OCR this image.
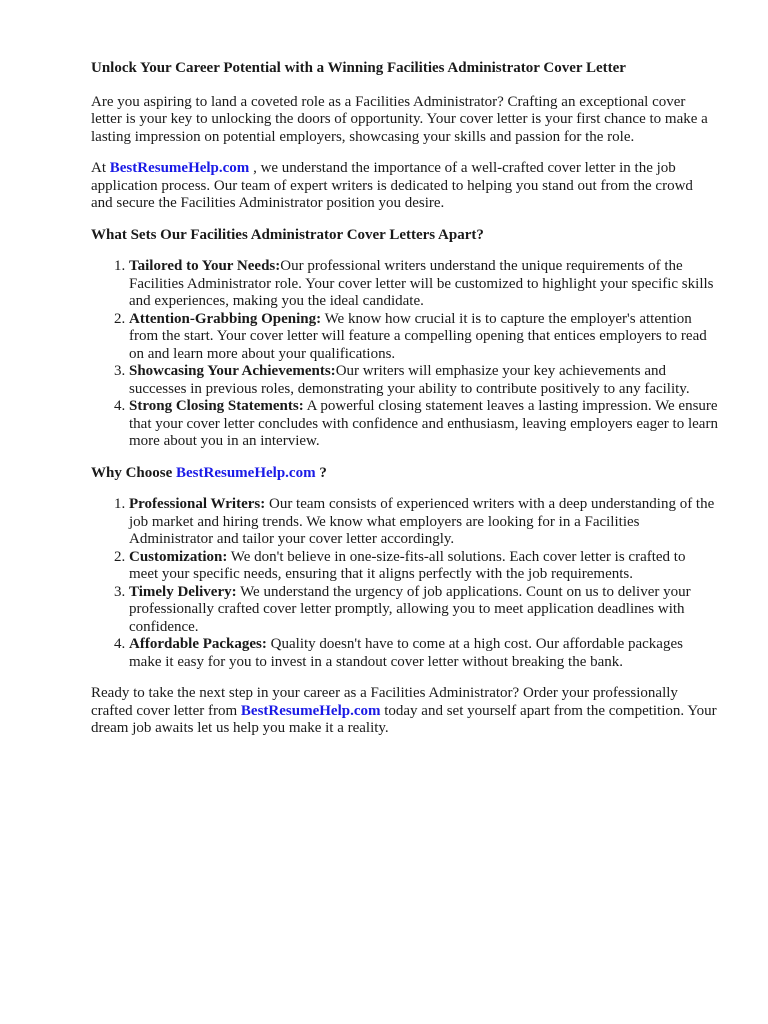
Unlock Your Career Potential with a Winning Facilities Administrator Cover Letter

Are you aspiring to land a coveted role as a Facilities Administrator? Crafting an exceptional cover letter is your key to unlocking the doors of opportunity. Your cover letter is your first chance to make a lasting impression on potential employers, showcasing your skills and passion for the role.

At BestResumeHelp.com , we understand the importance of a well-crafted cover letter in the job application process. Our team of expert writers is dedicated to helping you stand out from the crowd and secure the Facilities Administrator position you desire.

What Sets Our Facilities Administrator Cover Letters Apart?
1. Tailored to Your Needs:Our professional writers understand the unique requirements of the Facilities Administrator role. Your cover letter will be customized to highlight your specific skills and experiences, making you the ideal candidate.
2. Attention-Grabbing Opening: We know how crucial it is to capture the employer's attention from the start. Your cover letter will feature a compelling opening that entices employers to read on and learn more about your qualifications.
3. Showcasing Your Achievements:Our writers will emphasize your key achievements and successes in previous roles, demonstrating your ability to contribute positively to any facility.
4. Strong Closing Statements: A powerful closing statement leaves a lasting impression. We ensure that your cover letter concludes with confidence and enthusiasm, leaving employers eager to learn more about you in an interview.
Why Choose BestResumeHelp.com ?
1. Professional Writers: Our team consists of experienced writers with a deep understanding of the job market and hiring trends. We know what employers are looking for in a Facilities Administrator and tailor your cover letter accordingly.
2. Customization: We don't believe in one-size-fits-all solutions. Each cover letter is crafted to meet your specific needs, ensuring that it aligns perfectly with the job requirements.
3. Timely Delivery: We understand the urgency of job applications. Count on us to deliver your professionally crafted cover letter promptly, allowing you to meet application deadlines with confidence.
4. Affordable Packages: Quality doesn't have to come at a high cost. Our affordable packages make it easy for you to invest in a standout cover letter without breaking the bank.

Ready to take the next step in your career as a Facilities Administrator? Order your professionally crafted cover letter from BestResumeHelp.com today and set yourself apart from the competition. Your dream job awaits let us help you make it a reality.
